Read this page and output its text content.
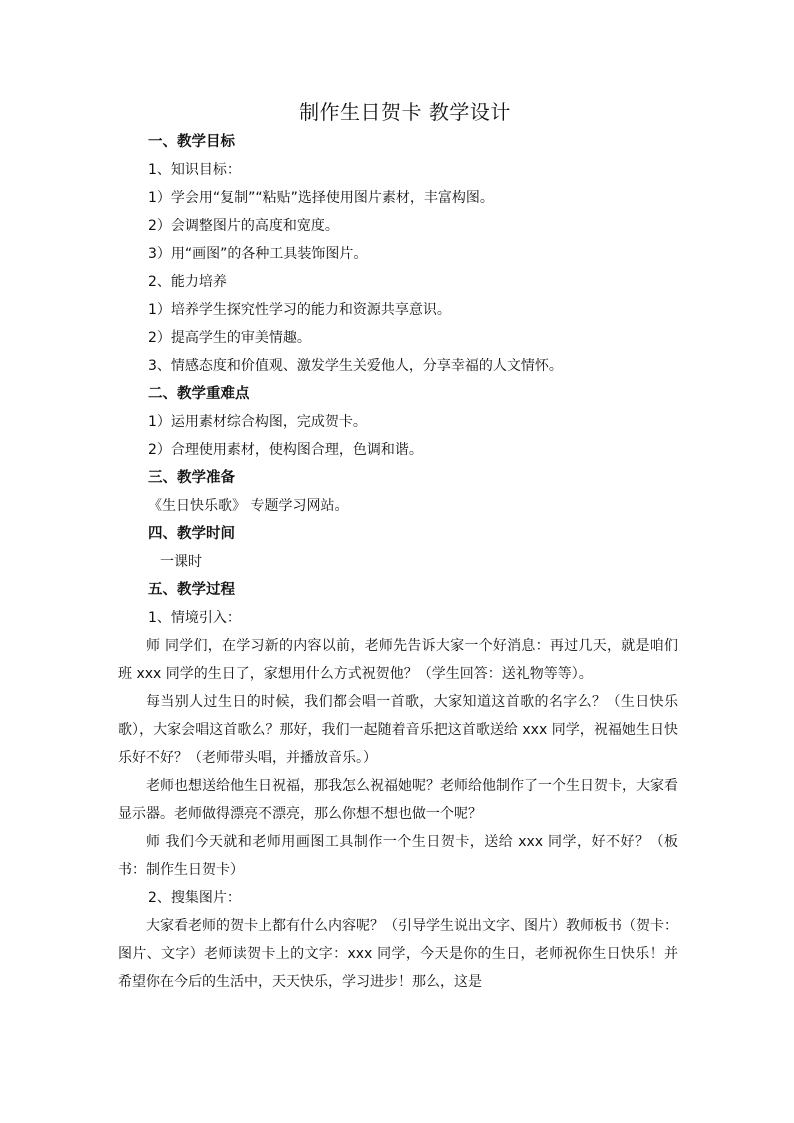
制作生日贺卡 教学设计
一、教学目标
1、知识目标：
1）学会用“复制”“粘贴”选择使用图片素材，丰富构图。
2）会调整图片的高度和宽度。
3）用“画图”的各种工具装饰图片。
2、能力培养
1）培养学生探究性学习的能力和资源共享意识。
2）提高学生的审美情趣。
3、情感态度和价值观、激发学生关爱他人，分享幸福的人文情怀。
二、教学重难点
1）运用素材综合构图，完成贺卡。
2）合理使用素材，使构图合理，色调和谐。
三、教学准备
《生日快乐歌》 专题学习网站。
四、教学时间
一课时
五、教学过程
1、情境引入：

师 同学们，在学习新的内容以前，老师先告诉大家一个好消息：再过几天，就是咱们班 xxx 同学的生日了，家想用什么方式祝贺他？（学生回答：送礼物等等）。

每当别人过生日的时候，我们都会唱一首歌，大家知道这首歌的名字么？（生日快乐歌），大家会唱这首歌么？那好，我们一起随着音乐把这首歌送给 xxx 同学，祝福她生日快乐好不好？（老师带头唱，并播放音乐。）

老师也想送给他生日祝福，那我怎么祝福她呢？老师给他制作了一个生日贺卡，大家看显示器。老师做得漂亮不漂亮，那么你想不想也做一个呢？

师 我们今天就和老师用画图工具制作一个生日贺卡，送给 xxx 同学，好不好？（板书：制作生日贺卡）

2、搜集图片：

大家看老师的贺卡上都有什么内容呢？（引导学生说出文字、图片）教师板书（贺卡：图片、文字）老师读贺卡上的文字：xxx 同学，今天是你的生日，老师祝你生日快乐！并希望你在今后的生活中，天天快乐，学习进步！那么，这是
